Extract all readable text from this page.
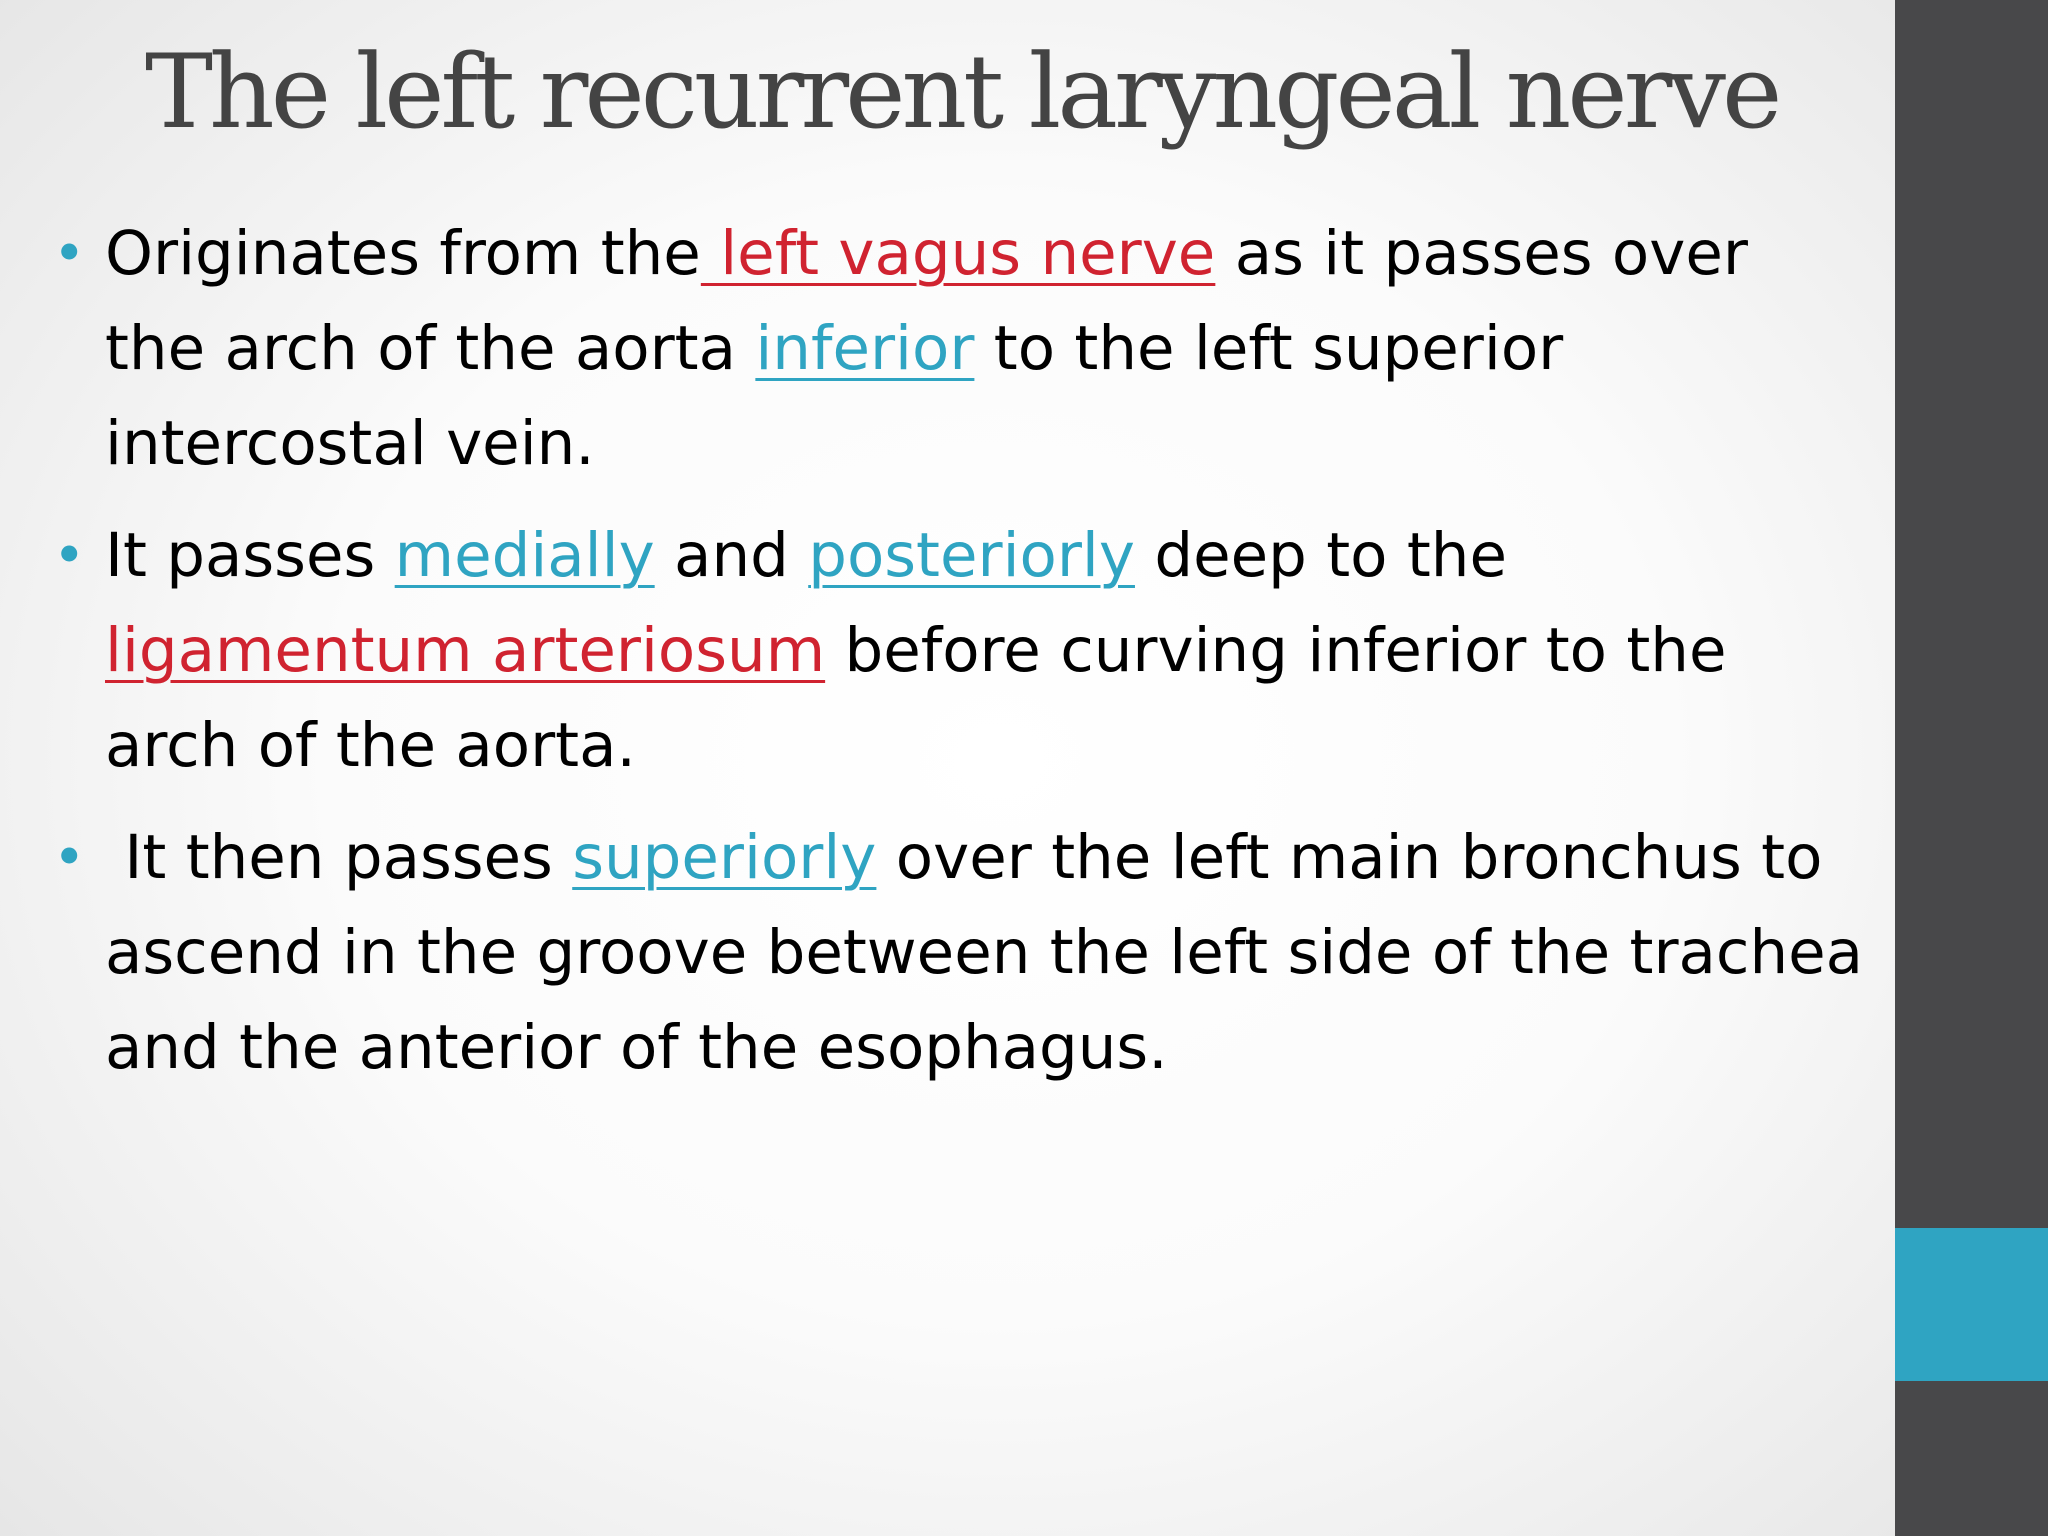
The left recurrent laryngeal nerve
• Originates from the left vagus nerve as it passes over the arch of the aorta inferior to the left superior intercostal vein.
• It passes medially and posteriorly deep to the ligamentum arteriosum before curving inferior to the arch of the aorta.
• It then passes superiorly over the left main bronchus to ascend in the groove between the left side of the trachea and the anterior of the esophagus.
